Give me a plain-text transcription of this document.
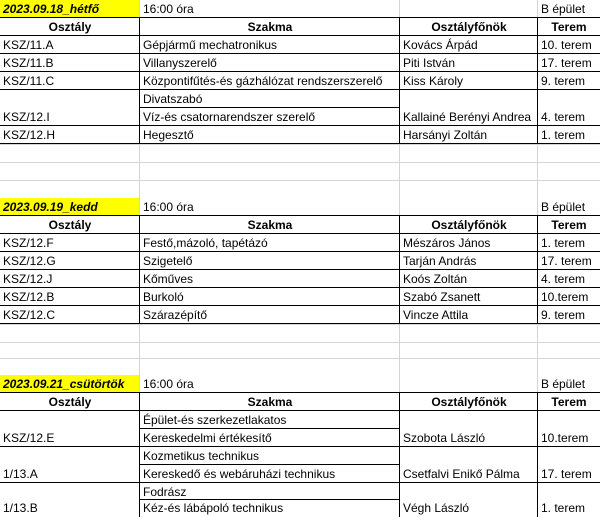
2023.09.18_hétfő	16:00 óra	B épület
Osztály	Szakma	Osztályfőnök	Terem
KSZ/11.A	Gépjármű mechatronikus	Kovács Árpád	10. terem
KSZ/11.B	Villanyszerelő	Piti István	17. terem
KSZ/11.C	Központifűtés-és gázhálózat rendszerszerelő	Kiss Károly	9. terem
Divatszabó
KSZ/12.I	Víz-és csatornarendszer szerelő	Kallainé Berényi Andrea 4. terem
KSZ/12.H	Hegesztő	Harsányi Zoltán	1. terem
2023.09.19_kedd	16:00 óra	B épület
Osztály	Szakma	Osztályfőnök	Terem
KSZ/12.F	Festő,mázoló, tapétázó	Mészáros János	1. terem
KSZ/12.G	Szigetelő	Tarján András	17. terem
KSZ/12.J	Kőműves	Koós Zoltán	4. terem
KSZ/12.B	Burkoló	Szabó Zsanett	10.terem
KSZ/12.C	Szárazépítő	Vincze Attila	9. terem
2023.09.21_csütörtök	16:00 óra	B épület
Osztály	Szakma	Osztályfőnök	Terem
Épület-és szerkezetlakatos
KSZ/12.E	Kereskedelmi értékesítő	Szobota László	10.terem
Kozmetikus technikus
1/13.A	Kereskedő és webáruházi technikus	Csetfalvi Enikő Pálma	17. terem
Fodrász
1/13.B	Kéz-és lábápoló technikus	Végh László	1. terem
